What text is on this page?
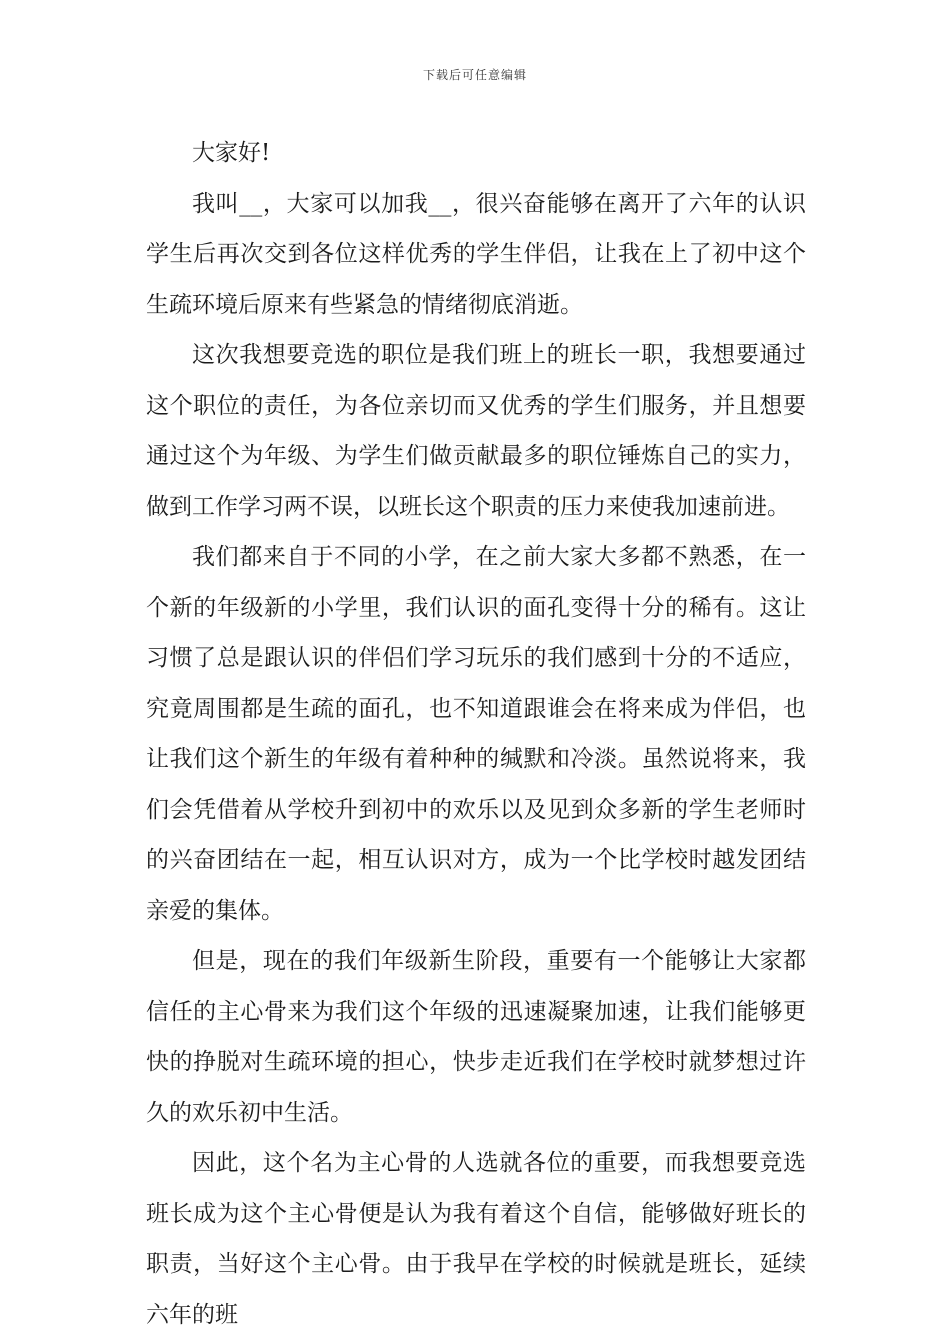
下载后可任意编辑

大家好!

我叫__，大家可以加我__，很兴奋能够在离开了六年的认识学生后再次交到各位这样优秀的学生伴侣，让我在上了初中这个生疏环境后原来有些紧急的情绪彻底消逝。

这次我想要竞选的职位是我们班上的班长一职，我想要通过这个职位的责任，为各位亲切而又优秀的学生们服务，并且想要通过这个为年级、为学生们做贡献最多的职位锤炼自己的实力，做到工作学习两不误，以班长这个职责的压力来使我加速前进。

我们都来自于不同的小学，在之前大家大多都不熟悉，在一个新的年级新的小学里，我们认识的面孔变得十分的稀有。这让习惯了总是跟认识的伴侣们学习玩乐的我们感到十分的不适应，究竟周围都是生疏的面孔，也不知道跟谁会在将来成为伴侣，也让我们这个新生的年级有着种种的缄默和冷淡。虽然说将来，我们会凭借着从学校升到初中的欢乐以及见到众多新的学生老师时的兴奋团结在一起，相互认识对方，成为一个比学校时越发团结亲爱的集体。

但是，现在的我们年级新生阶段，重要有一个能够让大家都信任的主心骨来为我们这个年级的迅速凝聚加速，让我们能够更快的挣脱对生疏环境的担心，快步走近我们在学校时就梦想过许久的欢乐初中生活。

因此，这个名为主心骨的人选就各位的重要，而我想要竞选班长成为这个主心骨便是认为我有着这个自信，能够做好班长的职责，当好这个主心骨。由于我早在学校的时候就是班长，延续六年的班
